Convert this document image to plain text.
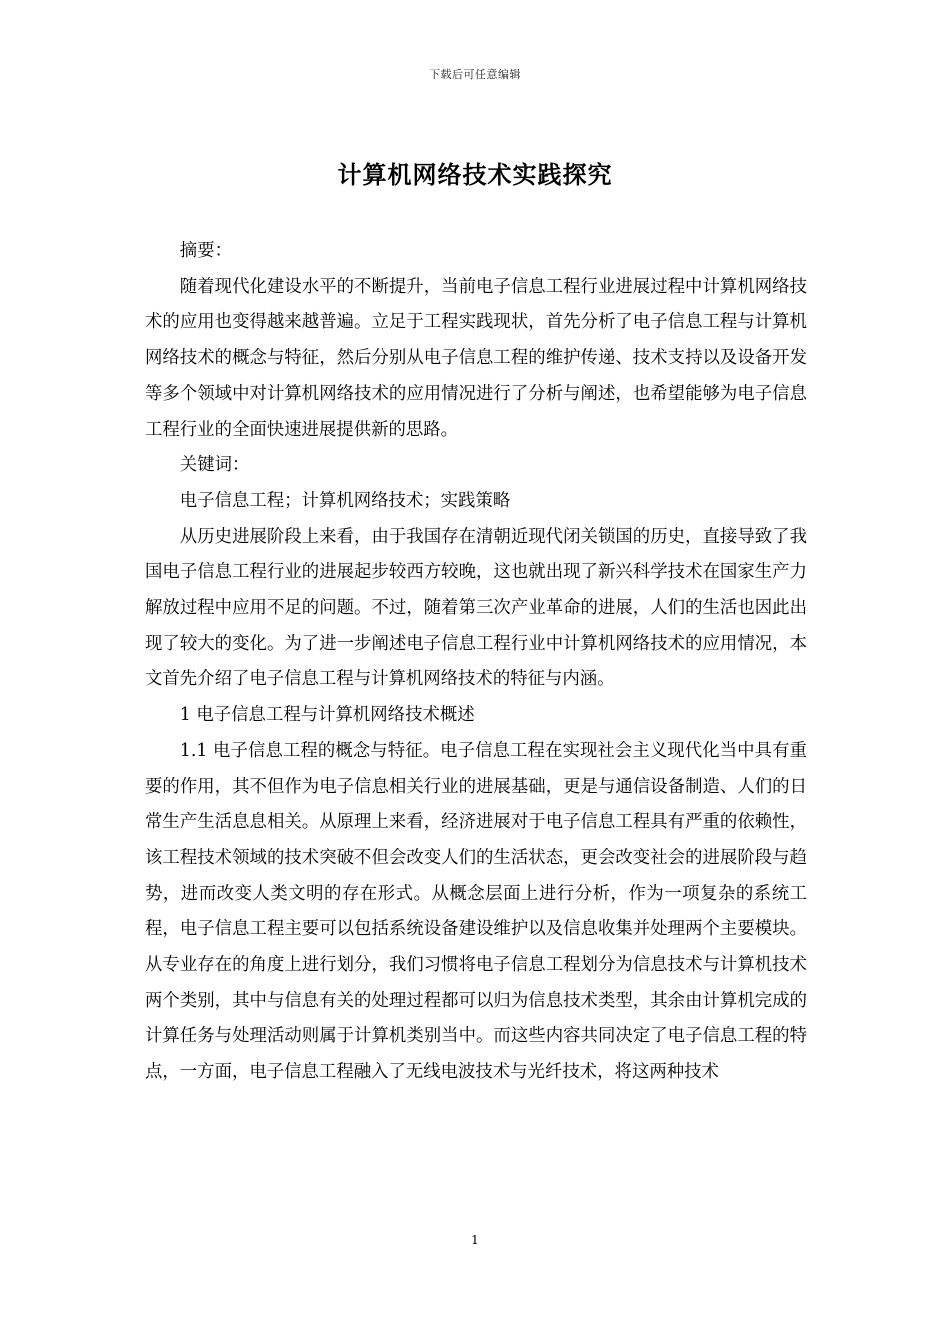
下载后可任意编辑
计算机网络技术实践探究

摘要：

随着现代化建设水平的不断提升，当前电子信息工程行业进展过程中计算机网络技术的应用也变得越来越普遍。立足于工程实践现状，首先分析了电子信息工程与计算机网络技术的概念与特征，然后分别从电子信息工程的维护传递、技术支持以及设备开发等多个领域中对计算机网络技术的应用情况进行了分析与阐述，也希望能够为电子信息工程行业的全面快速进展提供新的思路。

关键词：

电子信息工程；计算机网络技术；实践策略

从历史进展阶段上来看，由于我国存在清朝近现代闭关锁国的历史，直接导致了我国电子信息工程行业的进展起步较西方较晚，这也就出现了新兴科学技术在国家生产力解放过程中应用不足的问题。不过，随着第三次产业革命的进展，人们的生活也因此出现了较大的变化。为了进一步阐述电子信息工程行业中计算机网络技术的应用情况，本文首先介绍了电子信息工程与计算机网络技术的特征与内涵。

1 电子信息工程与计算机网络技术概述

1.1 电子信息工程的概念与特征。电子信息工程在实现社会主义现代化当中具有重要的作用，其不但作为电子信息相关行业的进展基础，更是与通信设备制造、人们的日常生产生活息息相关。从原理上来看，经济进展对于电子信息工程具有严重的依赖性，该工程技术领域的技术突破不但会改变人们的生活状态，更会改变社会的进展阶段与趋势，进而改变人类文明的存在形式。从概念层面上进行分析，作为一项复杂的系统工程，电子信息工程主要可以包括系统设备建设维护以及信息收集并处理两个主要模块。从专业存在的角度上进行划分，我们习惯将电子信息工程划分为信息技术与计算机技术两个类别，其中与信息有关的处理过程都可以归为信息技术类型，其余由计算机完成的计算任务与处理活动则属于计算机类别当中。而这些内容共同决定了电子信息工程的特点，一方面，电子信息工程融入了无线电波技术与光纤技术，将这两种技术

1
